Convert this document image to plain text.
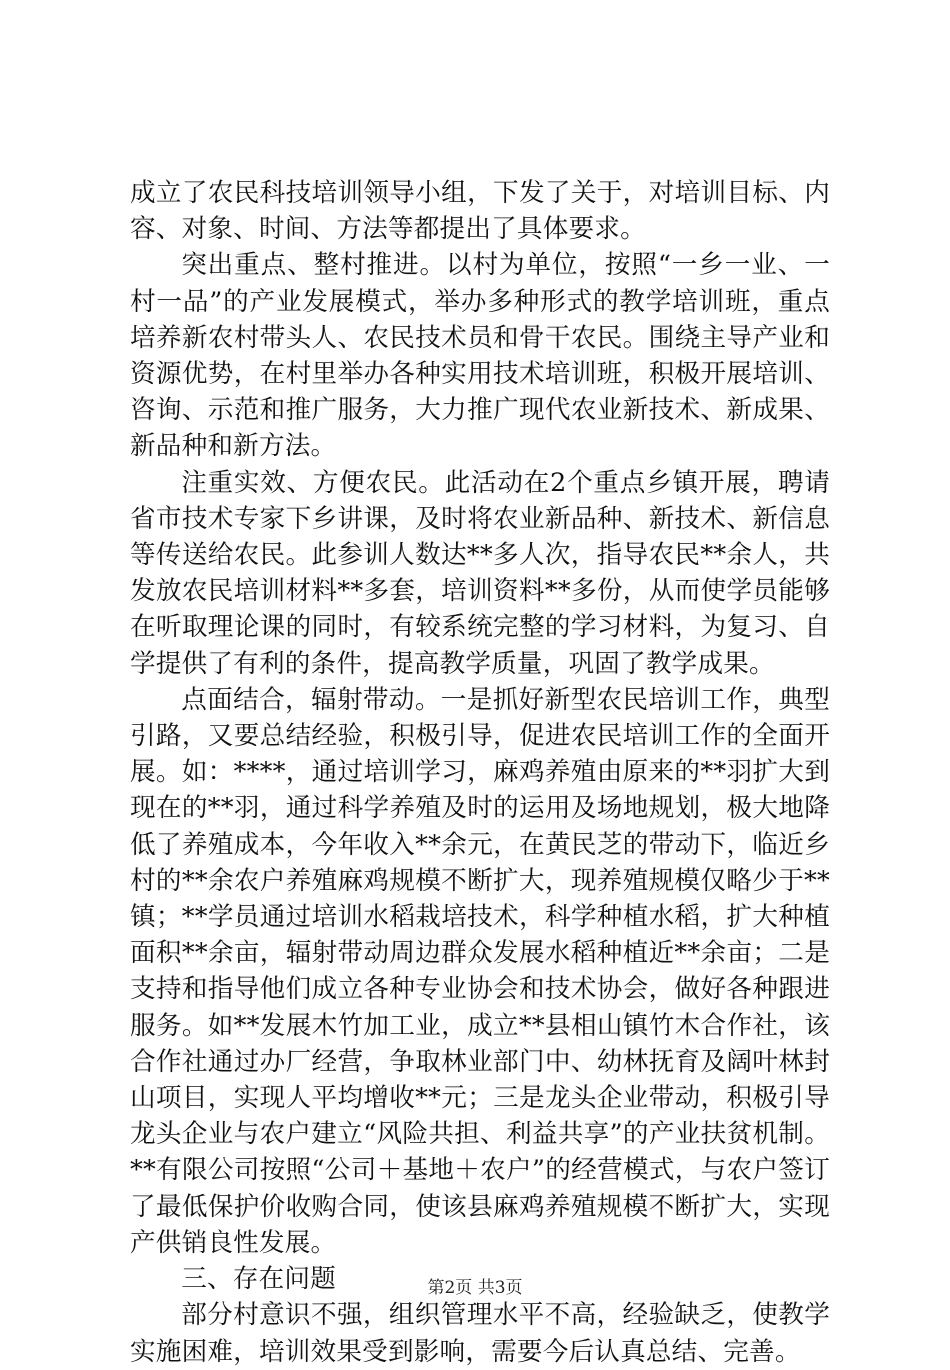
成立了农民科技培训领导小组，下发了关于，对培训目标、内容、对象、时间、方法等都提出了具体要求。

突出重点、整村推进。以村为单位，按照“一乡一业、一村一品”的产业发展模式，举办多种形式的教学培训班，重点培养新农村带头人、农民技术员和骨干农民。围绕主导产业和资源优势，在村里举办各种实用技术培训班，积极开展培训、咨询、示范和推广服务，大力推广现代农业新技术、新成果、新品种和新方法。

注重实效、方便农民。此活动在2个重点乡镇开展，聘请省市技术专家下乡讲课，及时将农业新品种、新技术、新信息等传送给农民。此参训人数达**多人次，指导农民**余人，共发放农民培训材料**多套，培训资料**多份，从而使学员能够在听取理论课的同时，有较系统完整的学习材料，为复习、自学提供了有利的条件，提高教学质量，巩固了教学成果。

点面结合，辐射带动。一是抓好新型农民培训工作，典型引路，又要总结经验，积极引导，促进农民培训工作的全面开展。如：****，通过培训学习，麻鸡养殖由原来的**羽扩大到现在的**羽，通过科学养殖及时的运用及场地规划，极大地降低了养殖成本，今年收入**余元，在黄民芝的带动下，临近乡村的**余农户养殖麻鸡规模不断扩大，现养殖规模仅略少于**镇；**学员通过培训水稻栽培技术，科学种植水稻，扩大种植面积**余亩，辐射带动周边群众发展水稻种植近**余亩；二是支持和指导他们成立各种专业协会和技术协会，做好各种跟进服务。如**发展木竹加工业，成立**县相山镇竹木合作社，该合作社通过办厂经营，争取林业部门中、幼林抚育及阔叶林封山项目，实现人平均增收**元；三是龙头企业带动，积极引导龙头企业与农户建立“风险共担、利益共享”的产业扶贫机制。**有限公司按照“公司＋基地＋农户”的经营模式，与农户签订了最低保护价收购合同，使该县麻鸡养殖规模不断扩大，实现产供销良性发展。

三、存在问题

部分村意识不强，组织管理水平不高，经验缺乏，使教学实施困难，培训效果受到影响，需要今后认真总结、完善。

第2页 共3页
